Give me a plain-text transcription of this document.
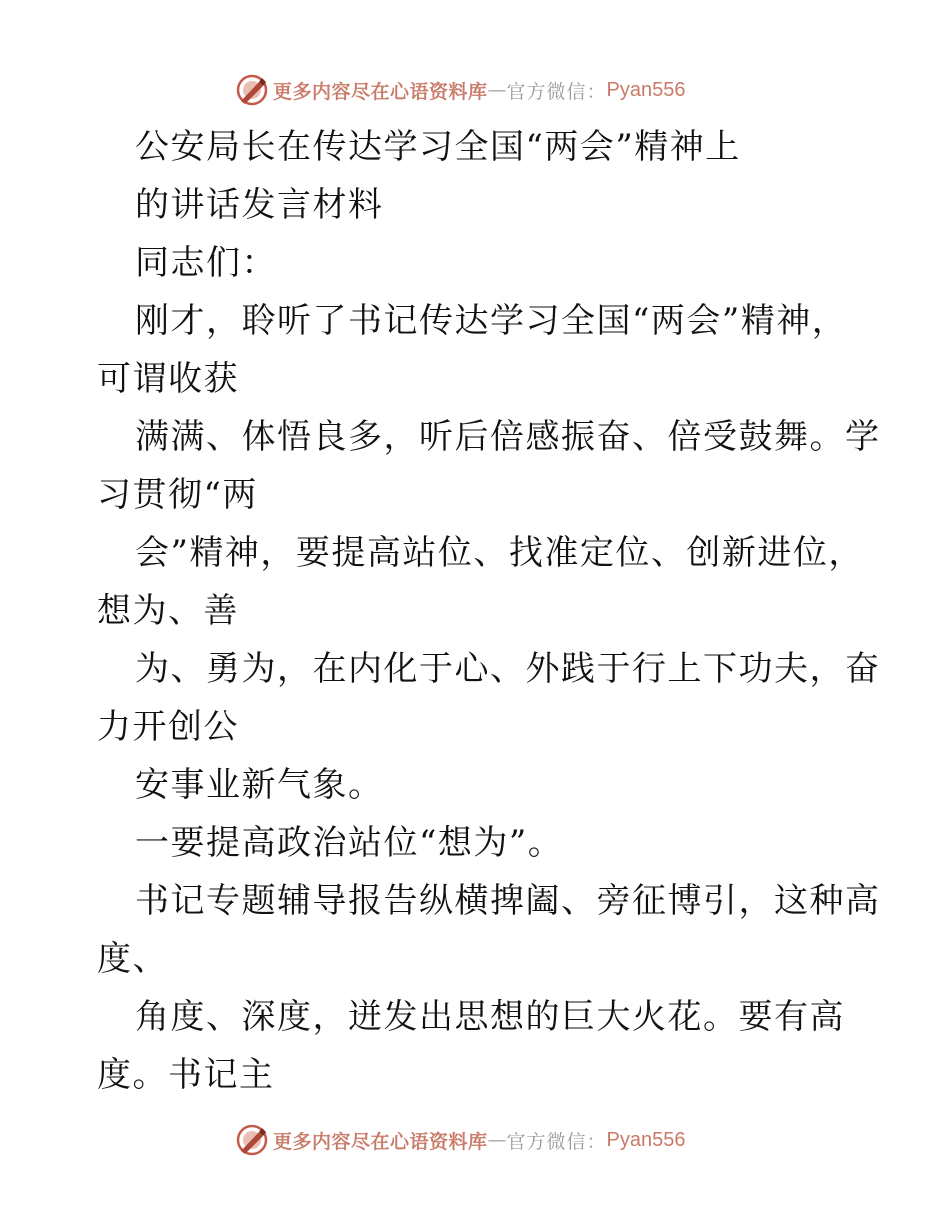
更多内容尽在心语资料库 — 官方微信： Pyan556
公安局长在传达学习全国“两会”精神上
的讲话发言材料
同志们：
刚才，聆听了书记传达学习全国“两会”精神，
可谓收获
满满、体悟良多，听后倍感振奋、倍受鼓舞。学
习贯彻“两
会”精神，要提高站位、找准定位、创新进位，
想为、善
为、勇为，在内化于心、外践于行上下功夫，奋
力开创公
安事业新气象。
一要提高政治站位“想为”。
书记专题辅导报告纵横捭阖、旁征博引，这种高
度、
角度、深度，迸发出思想的巨大火花。要有高
度。书记主
更多内容尽在心语资料库 — 官方微信： Pyan556
